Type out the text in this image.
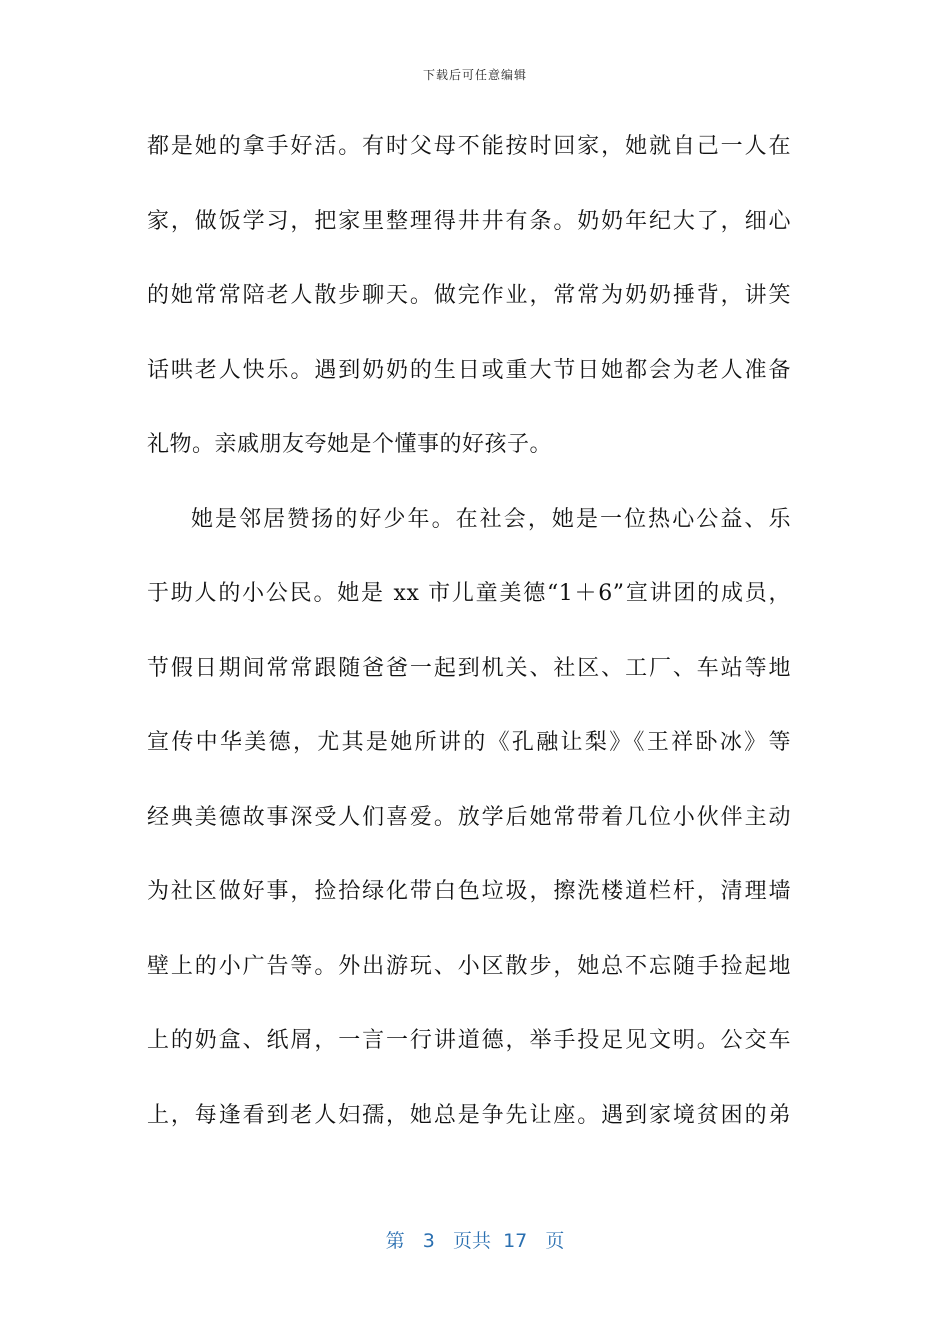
下载后可任意编辑
都是她的拿手好活。有时父母不能按时回家，她就自己一人在
家，做饭学习，把家里整理得井井有条。奶奶年纪大了，细心
的她常常陪老人散步聊天。做完作业，常常为奶奶捶背，讲笑
话哄老人快乐。遇到奶奶的生日或重大节日她都会为老人准备
礼物。亲戚朋友夸她是个懂事的好孩子。
她是邻居赞扬的好少年。在社会，她是一位热心公益、乐
于助人的小公民。她是 xx 市儿童美德“1＋6”宣讲团的成员，
节假日期间常常跟随爸爸一起到机关、社区、工厂、车站等地
宣传中华美德，尤其是她所讲的《孔融让梨》《王祥卧冰》等
经典美德故事深受人们喜爱。放学后她常带着几位小伙伴主动
为社区做好事，捡拾绿化带白色垃圾，擦洗楼道栏杆，清理墙
壁上的小广告等。外出游玩、小区散步，她总不忘随手捡起地
上的奶盒、纸屑，一言一行讲道德，举手投足见文明。公交车
上，每逢看到老人妇孺，她总是争先让座。遇到家境贫困的弟
第 3 页共 17 页
